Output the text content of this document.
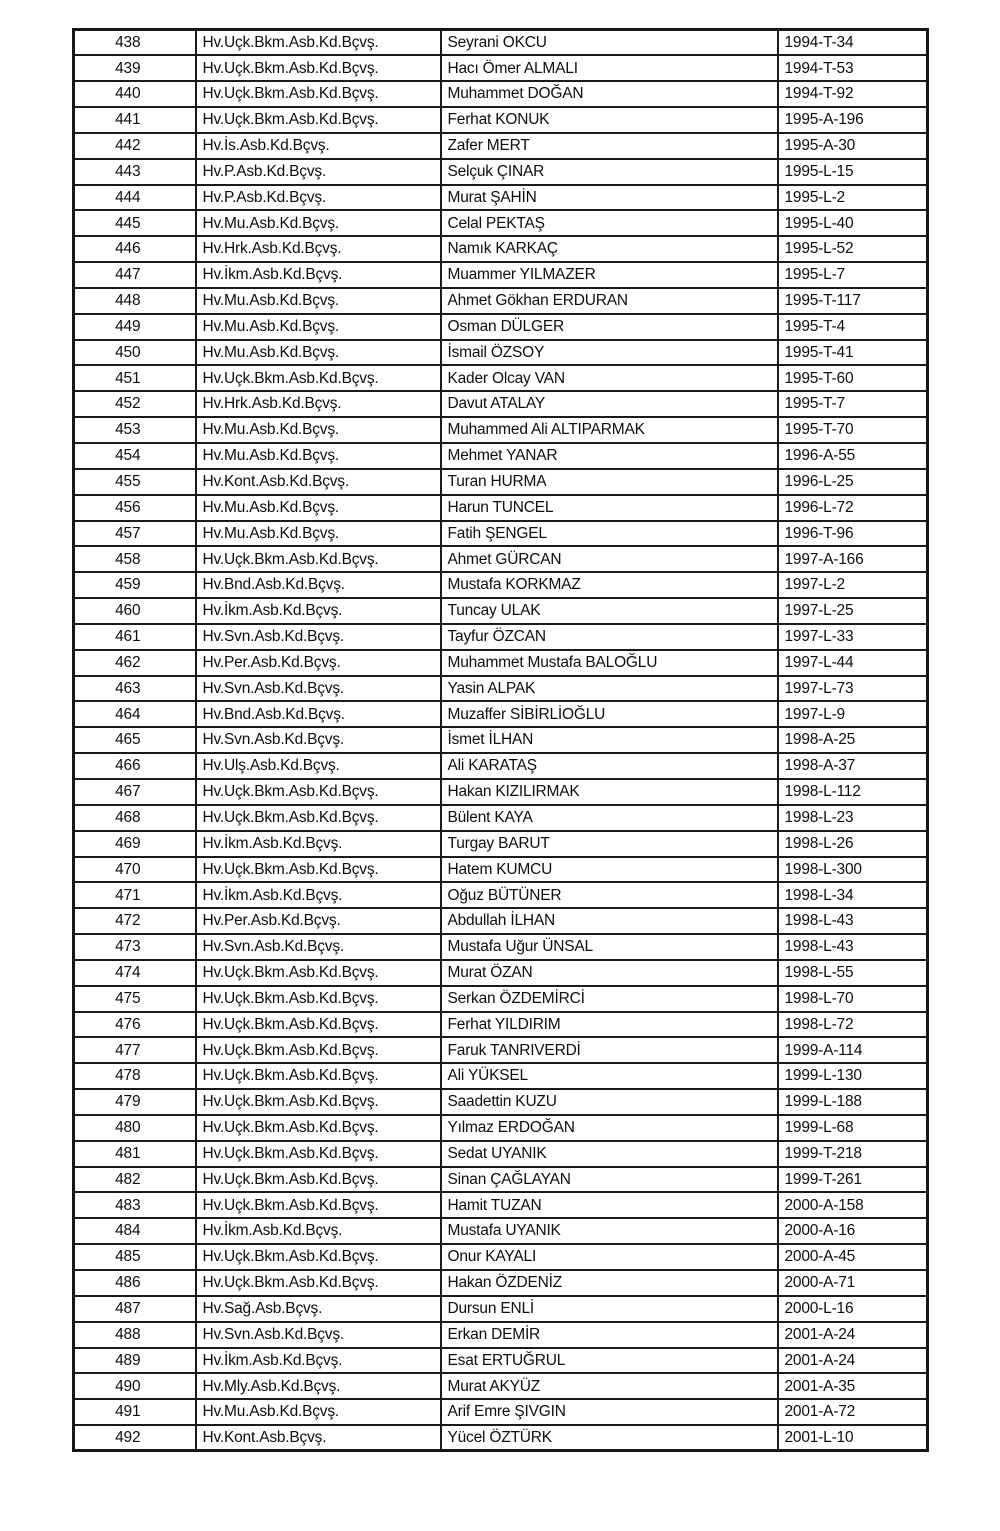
438	Hv.Uçk.Bkm.Asb.Kd.Bçvş.	Seyrani OKCU	1994-T-34
439	Hv.Uçk.Bkm.Asb.Kd.Bçvş.	Hacı Ömer ALMALI	1994-T-53
440	Hv.Uçk.Bkm.Asb.Kd.Bçvş.	Muhammet DOĞAN	1994-T-92
441	Hv.Uçk.Bkm.Asb.Kd.Bçvş.	Ferhat KONUK	1995-A-196
442	Hv.İs.Asb.Kd.Bçvş.	Zafer MERT	1995-A-30
443	Hv.P.Asb.Kd.Bçvş.	Selçuk ÇINAR	1995-L-15
444	Hv.P.Asb.Kd.Bçvş.	Murat ŞAHİN	1995-L-2
445	Hv.Mu.Asb.Kd.Bçvş.	Celal PEKTAŞ	1995-L-40
446	Hv.Hrk.Asb.Kd.Bçvş.	Namık KARKAÇ	1995-L-52
447	Hv.İkm.Asb.Kd.Bçvş.	Muammer YILMAZER	1995-L-7
448	Hv.Mu.Asb.Kd.Bçvş.	Ahmet Gökhan ERDURAN	1995-T-117
449	Hv.Mu.Asb.Kd.Bçvş.	Osman DÜLGER	1995-T-4
450	Hv.Mu.Asb.Kd.Bçvş.	İsmail ÖZSOY	1995-T-41
451	Hv.Uçk.Bkm.Asb.Kd.Bçvş.	Kader Olcay VAN	1995-T-60
452	Hv.Hrk.Asb.Kd.Bçvş.	Davut ATALAY	1995-T-7
453	Hv.Mu.Asb.Kd.Bçvş.	Muhammed Ali ALTIPARMAK	1995-T-70
454	Hv.Mu.Asb.Kd.Bçvş.	Mehmet YANAR	1996-A-55
455	Hv.Kont.Asb.Kd.Bçvş.	Turan HURMA	1996-L-25
456	Hv.Mu.Asb.Kd.Bçvş.	Harun TUNCEL	1996-L-72
457	Hv.Mu.Asb.Kd.Bçvş.	Fatih ŞENGEL	1996-T-96
458	Hv.Uçk.Bkm.Asb.Kd.Bçvş.	Ahmet GÜRCAN	1997-A-166
459	Hv.Bnd.Asb.Kd.Bçvş.	Mustafa KORKMAZ	1997-L-2
460	Hv.İkm.Asb.Kd.Bçvş.	Tuncay ULAK	1997-L-25
461	Hv.Svn.Asb.Kd.Bçvş.	Tayfur ÖZCAN	1997-L-33
462	Hv.Per.Asb.Kd.Bçvş.	Muhammet Mustafa BALOĞLU	1997-L-44
463	Hv.Svn.Asb.Kd.Bçvş.	Yasin ALPAK	1997-L-73
464	Hv.Bnd.Asb.Kd.Bçvş.	Muzaffer SİBİRLİOĞLU	1997-L-9
465	Hv.Svn.Asb.Kd.Bçvş.	İsmet İLHAN	1998-A-25
466	Hv.Ulş.Asb.Kd.Bçvş.	Ali KARATAŞ	1998-A-37
467	Hv.Uçk.Bkm.Asb.Kd.Bçvş.	Hakan KIZILIRMAK	1998-L-112
468	Hv.Uçk.Bkm.Asb.Kd.Bçvş.	Bülent KAYA	1998-L-23
469	Hv.İkm.Asb.Kd.Bçvş.	Turgay BARUT	1998-L-26
470	Hv.Uçk.Bkm.Asb.Kd.Bçvş.	Hatem KUMCU	1998-L-300
471	Hv.İkm.Asb.Kd.Bçvş.	Oğuz BÜTÜNER	1998-L-34
472	Hv.Per.Asb.Kd.Bçvş.	Abdullah İLHAN	1998-L-43
473	Hv.Svn.Asb.Kd.Bçvş.	Mustafa Uğur ÜNSAL	1998-L-43
474	Hv.Uçk.Bkm.Asb.Kd.Bçvş.	Murat ÖZAN	1998-L-55
475	Hv.Uçk.Bkm.Asb.Kd.Bçvş.	Serkan ÖZDEMİRCİ	1998-L-70
476	Hv.Uçk.Bkm.Asb.Kd.Bçvş.	Ferhat YILDIRIM	1998-L-72
477	Hv.Uçk.Bkm.Asb.Kd.Bçvş.	Faruk TANRIVERDİ	1999-A-114
478	Hv.Uçk.Bkm.Asb.Kd.Bçvş.	Ali YÜKSEL	1999-L-130
479	Hv.Uçk.Bkm.Asb.Kd.Bçvş.	Saadettin KUZU	1999-L-188
480	Hv.Uçk.Bkm.Asb.Kd.Bçvş.	Yılmaz ERDOĞAN	1999-L-68
481	Hv.Uçk.Bkm.Asb.Kd.Bçvş.	Sedat UYANIK	1999-T-218
482	Hv.Uçk.Bkm.Asb.Kd.Bçvş.	Sinan ÇAĞLAYAN	1999-T-261
483	Hv.Uçk.Bkm.Asb.Kd.Bçvş.	Hamit TUZAN	2000-A-158
484	Hv.İkm.Asb.Kd.Bçvş.	Mustafa UYANIK	2000-A-16
485	Hv.Uçk.Bkm.Asb.Kd.Bçvş.	Onur KAYALI	2000-A-45
486	Hv.Uçk.Bkm.Asb.Kd.Bçvş.	Hakan ÖZDENİZ	2000-A-71
487	Hv.Sağ.Asb.Bçvş.	Dursun ENLİ	2000-L-16
488	Hv.Svn.Asb.Kd.Bçvş.	Erkan DEMİR	2001-A-24
489	Hv.İkm.Asb.Kd.Bçvş.	Esat ERTUĞRUL	2001-A-24
490	Hv.Mly.Asb.Kd.Bçvş.	Murat AKYÜZ	2001-A-35
491	Hv.Mu.Asb.Kd.Bçvş.	Arif Emre ŞIVGIN	2001-A-72
492	Hv.Kont.Asb.Bçvş.	Yücel ÖZTÜRK	2001-L-10
